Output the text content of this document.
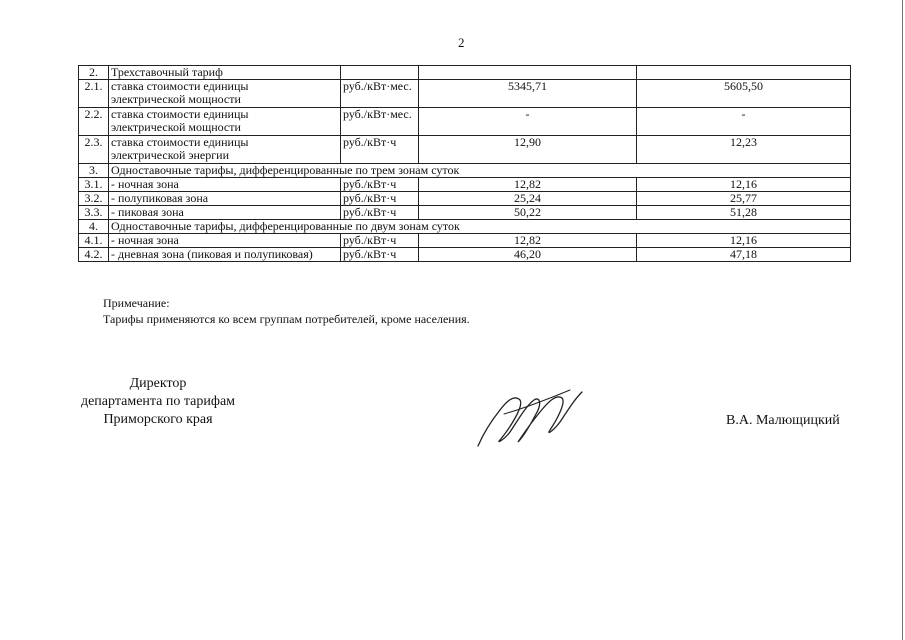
2
2.	Трехставочный тариф			
2.1.	ставка стоимости единицы
электрической мощности	руб./кВт·мес.	5345,71	5605,50
2.2.	ставка стоимости единицы
электрической мощности	руб./кВт·мес.	-	-
2.3.	ставка стоимости единицы
электрической энергии	руб./кВт·ч	12,90	12,23
3.	Одноставочные тарифы, дифференцированные по трем зонам суток			
3.1.	- ночная зона	руб./кВт·ч	12,82	12,16
3.2.	- полупиковая зона	руб./кВт·ч	25,24	25,77
3.3.	- пиковая зона	руб./кВт·ч	50,22	51,28
4.	Одноставочные тарифы, дифференцированные по двум зонам суток			
4.1.	- ночная зона	руб./кВт·ч	12,82	12,16
4.2.	- дневная зона (пиковая и полупиковая)	руб./кВт·ч	46,20	47,18
Примечание:
Тарифы применяются ко всем группам потребителей, кроме населения.
Директор
департамента по тарифам
Приморского края	В.А. Малющицкий
